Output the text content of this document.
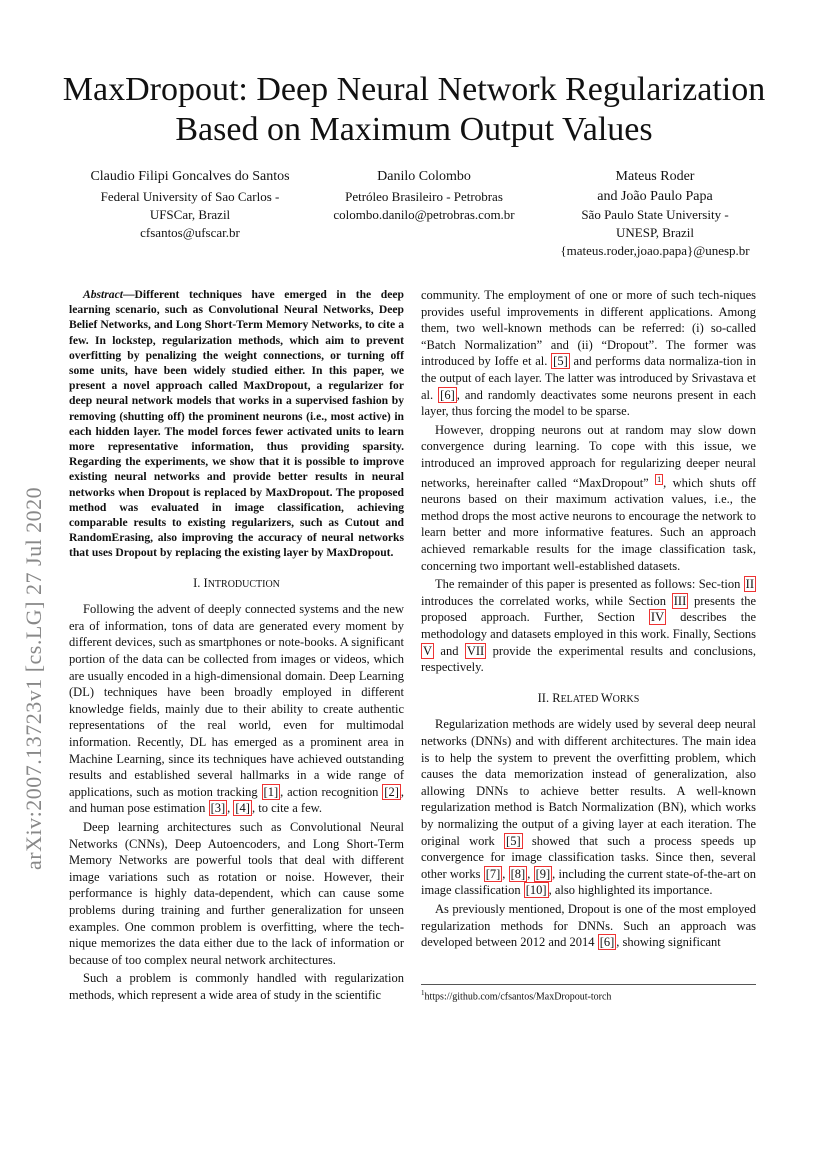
MaxDropout: Deep Neural Network Regularization
Based on Maximum Output Values
Claudio Filipi Goncalves do Santos
Federal University of Sao Carlos -
UFSCar, Brazil
cfsantos@ufscar.br
Danilo Colombo
Petróleo Brasileiro - Petrobras
colombo.danilo@petrobras.com.br
Mateus Roder
and João Paulo Papa
São Paulo State University -
UNESP, Brazil
{mateus.roder,joao.papa}@unesp.br
arXiv:2007.13723v1 [cs.LG] 27 Jul 2020

Abstract—Different techniques have emerged in the deep learning scenario, such as Convolutional Neural Networks, Deep Belief Networks, and Long Short-Term Memory Networks, to cite a few. In lockstep, regularization methods, which aim to prevent overfitting by penalizing the weight connections, or turning off some units, have been widely studied either. In this paper, we present a novel approach called MaxDropout, a regularizer for deep neural network models that works in a supervised fashion by removing (shutting off) the prominent neurons (i.e., most active) in each hidden layer. The model forces fewer activated units to learn more representative information, thus providing sparsity. Regarding the experiments, we show that it is possible to improve existing neural networks and provide better results in neural networks when Dropout is replaced by MaxDropout. The proposed method was evaluated in image classification, achieving comparable results to existing regularizers, such as Cutout and RandomErasing, also improving the accuracy of neural networks that uses Dropout by replacing the existing layer by MaxDropout.

I. INTRODUCTION

Following the advent of deeply connected systems and the new era of information, tons of data are generated every moment by different devices, such as smartphones or note-books. A significant portion of the data can be collected from images or videos, which are usually encoded in a high-dimensional domain. Deep Learning (DL) techniques have been broadly employed in different knowledge fields, mainly due to their ability to create authentic representations of the real world, even for multimodal information. Recently, DL has emerged as a prominent area in Machine Learning, since its techniques have achieved outstanding results and established several hallmarks in a wide range of applications, such as motion tracking [1] , action recognition [2] , and human pose estimation [3] , [4] , to cite a few.

Deep learning architectures such as Convolutional Neural Networks (CNNs), Deep Autoencoders, and Long Short-Term Memory Networks are powerful tools that deal with different image variations such as rotation or noise. However, their performance is highly data-dependent, which can cause some problems during training and further generalization for unseen examples. One common problem is overfitting, where the tech-nique memorizes the data either due to the lack of information or because of too complex neural network architectures.

Such a problem is commonly handled with regularization methods, which represent a wide area of study in the scientific

community. The employment of one or more of such tech-niques provides useful improvements in different applications. Among them, two well-known methods can be referred: (i) so-called “Batch Normalization” and (ii) “Dropout”. The former was introduced by Ioffe et al. [5] and performs data normaliza-tion in the output of each layer. The latter was introduced by Srivastava et al. [6] , and randomly deactivates some neurons present in each layer, thus forcing the model to be sparse.

However, dropping neurons out at random may slow down convergence during learning. To cope with this issue, we introduced an improved approach for regularizing deeper neural networks, hereinafter called “MaxDropout” $^1$ , which shuts off neurons based on their maximum activation values, i.e., the method drops the most active neurons to encourage the network to learn better and more informative features. Such an approach achieved remarkable results for the image classification task, concerning two important well-established datasets.

The remainder of this paper is presented as follows: Sec-tion II introduces the correlated works, while Section III presents the proposed approach. Further, Section IV describes the methodology and datasets employed in this work. Finally, Sections V and VII provide the experimental results and conclusions, respectively.

II. RELATED WORKS

Regularization methods are widely used by several deep neural networks (DNNs) and with different architectures. The main idea is to help the system to prevent the overfitting problem, which causes the data memorization instead of generalization, also allowing DNNs to achieve better results. A well-known regularization method is Batch Normalization (BN), which works by normalizing the output of a giving layer at each iteration. The original work [5] showed that such a process speeds up convergence for image classification tasks. Since then, several other works [7] , [8] , [9] , including the current state-of-the-art on image classification [10] , also highlighted its importance.

As previously mentioned, Dropout is one of the most employed regularization methods for DNNs. Such an approach was developed between 2012 and 2014 [6] , showing significant

$^1$https://github.com/cfsantos/MaxDropout-torch
